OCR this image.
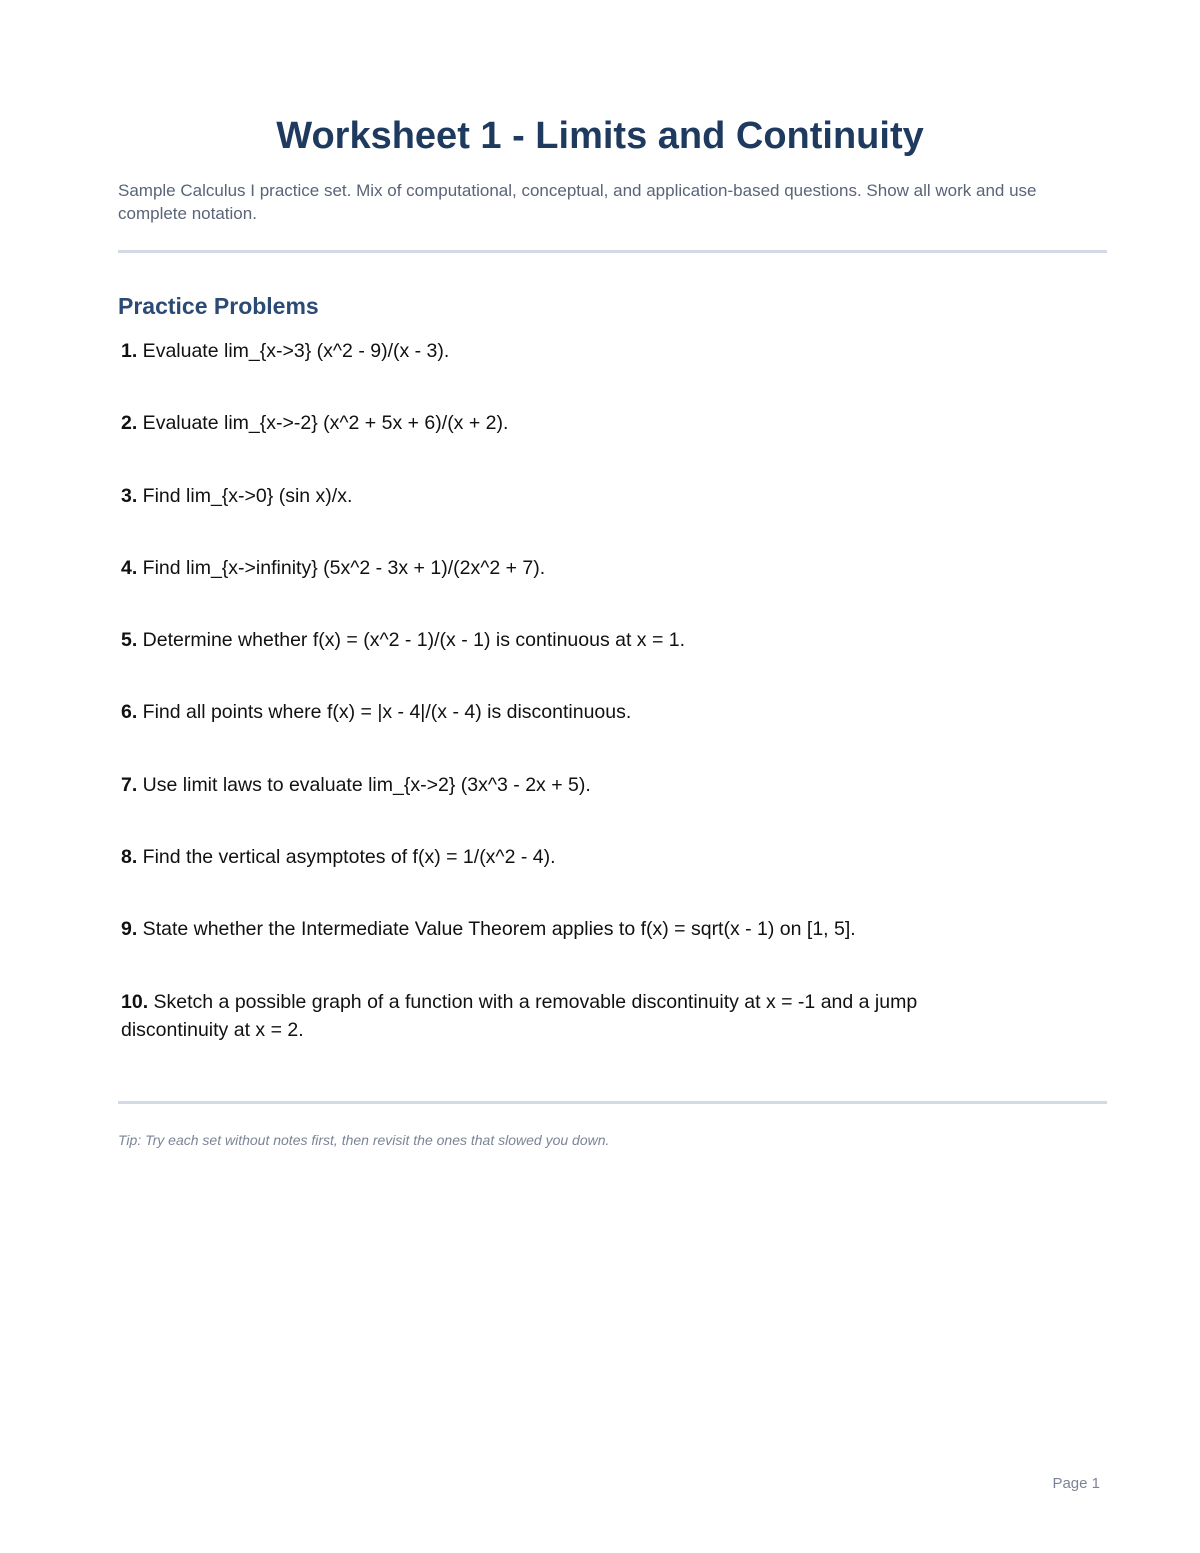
Worksheet 1 - Limits and Continuity

Sample Calculus I practice set. Mix of computational, conceptual, and application-based questions. Show all work and use complete notation.

Practice Problems

1. Evaluate lim_{x->3} (x^2 - 9)/(x - 3).

2. Evaluate lim_{x->-2} (x^2 + 5x + 6)/(x + 2).

3. Find lim_{x->0} (sin x)/x.

4. Find lim_{x->infinity} (5x^2 - 3x + 1)/(2x^2 + 7).

5. Determine whether f(x) = (x^2 - 1)/(x - 1) is continuous at x = 1.

6. Find all points where f(x) = |x - 4|/(x - 4) is discontinuous.

7. Use limit laws to evaluate lim_{x->2} (3x^3 - 2x + 5).

8. Find the vertical asymptotes of f(x) = 1/(x^2 - 4).

9. State whether the Intermediate Value Theorem applies to f(x) = sqrt(x - 1) on [1, 5].

10. Sketch a possible graph of a function with a removable discontinuity at x = -1 and a jump discontinuity at x = 2.

Tip: Try each set without notes first, then revisit the ones that slowed you down.

Page 1
